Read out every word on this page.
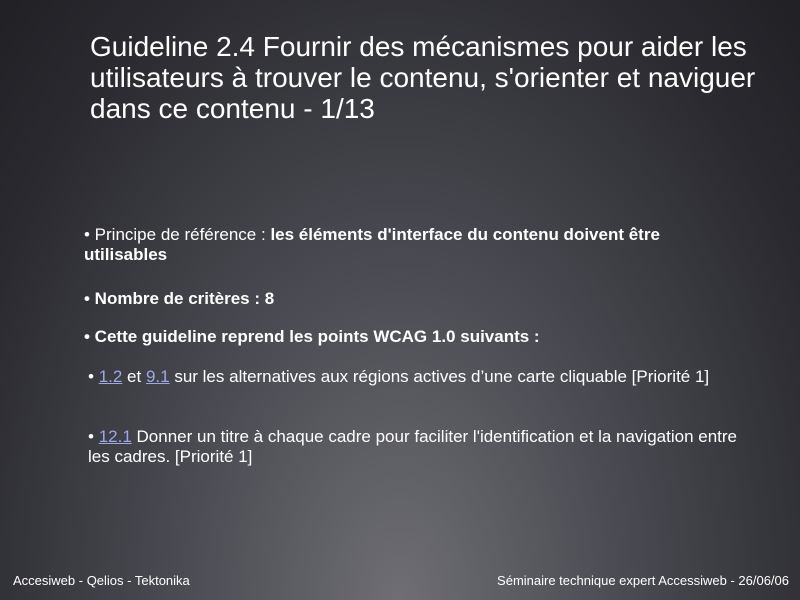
Guideline 2.4 Fournir des mécanismes pour aider les utilisateurs à trouver le contenu, s'orienter et naviguer dans ce contenu - 1/13
• Principe de référence : les éléments d'interface du contenu doivent être utilisables
• Nombre de critères : 8
• Cette guideline reprend les points WCAG 1.0 suivants :
• 1.2 et 9.1 sur les alternatives aux régions actives d’une carte cliquable [Priorité 1]
• 12.1 Donner un titre à chaque cadre pour faciliter l'identification et la navigation entre les cadres. [Priorité 1]
Accesiweb - Qelios - Tektonika	Séminaire technique expert Accessiweb - 26/06/06
